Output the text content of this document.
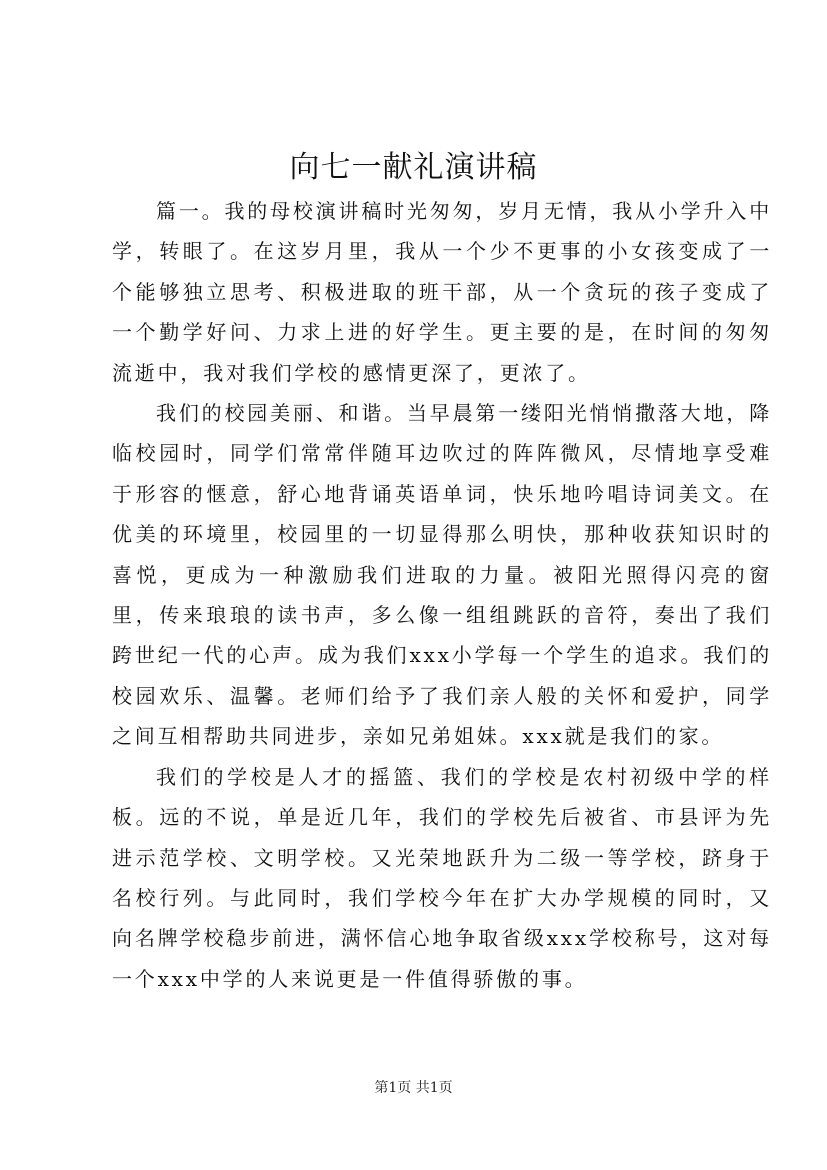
向七一献礼演讲稿

篇一。我的母校演讲稿时光匆匆，岁月无情，我从小学升入中学，转眼了。在这岁月里，我从一个少不更事的小女孩变成了一个能够独立思考、积极进取的班干部，从一个贪玩的孩子变成了一个勤学好问、力求上进的好学生。更主要的是，在时间的匆匆流逝中，我对我们学校的感情更深了，更浓了。

我们的校园美丽、和谐。当早晨第一缕阳光悄悄撒落大地，降临校园时，同学们常常伴随耳边吹过的阵阵微风，尽情地享受难于形容的惬意，舒心地背诵英语单词，快乐地吟唱诗词美文。在优美的环境里，校园里的一切显得那么明快，那种收获知识时的喜悦，更成为一种激励我们进取的力量。被阳光照得闪亮的窗里，传来琅琅的读书声，多么像一组组跳跃的音符，奏出了我们跨世纪一代的心声。成为我们xxx小学每一个学生的追求。我们的校园欢乐、温馨。老师们给予了我们亲人般的关怀和爱护，同学之间互相帮助共同进步，亲如兄弟姐妹。xxx就是我们的家。

我们的学校是人才的摇篮、我们的学校是农村初级中学的样板。远的不说，单是近几年，我们的学校先后被省、市县评为先进示范学校、文明学校。又光荣地跃升为二级一等学校，跻身于名校行列。与此同时，我们学校今年在扩大办学规模的同时，又向名牌学校稳步前进，满怀信心地争取省级xxx学校称号，这对每一个xxx中学的人来说更是一件值得骄傲的事。

第1页 共1页
